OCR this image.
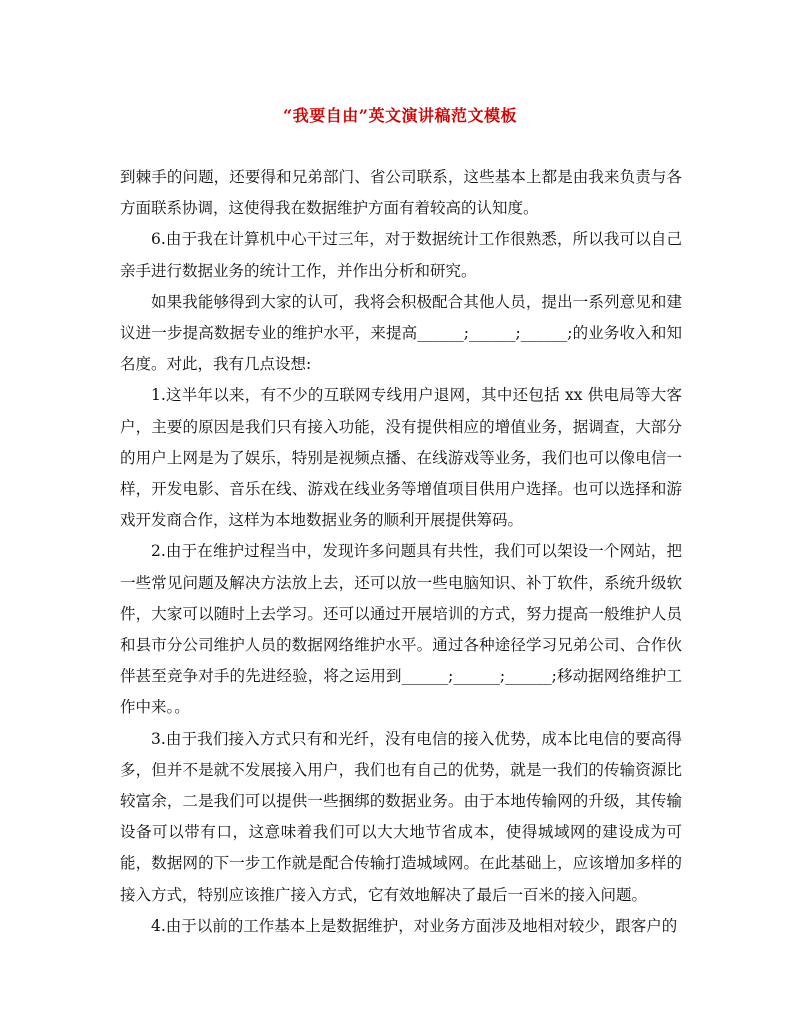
“我要自由”英文演讲稿范文模板

到棘手的问题，还要得和兄弟部门、省公司联系，这些基本上都是由我来负责与各方面联系协调，这使得我在数据维护方面有着较高的认知度。

6.由于我在计算机中心干过三年，对于数据统计工作很熟悉，所以我可以自己亲手进行数据业务的统计工作，并作出分析和研究。

如果我能够得到大家的认可，我将会积极配合其他人员，提出一系列意见和建议进一步提高数据专业的维护水平，来提高______;______;______;的业务收入和知名度。对此，我有几点设想:

1.这半年以来，有不少的互联网专线用户退网，其中还包括 xx 供电局等大客户，主要的原因是我们只有接入功能，没有提供相应的增值业务，据调查，大部分的用户上网是为了娱乐，特别是视频点播、在线游戏等业务，我们也可以像电信一样，开发电影、音乐在线、游戏在线业务等增值项目供用户选择。也可以选择和游戏开发商合作，这样为本地数据业务的顺利开展提供筹码。

2.由于在维护过程当中，发现许多问题具有共性，我们可以架设一个网站，把一些常见问题及解决方法放上去，还可以放一些电脑知识、补丁软件，系统升级软件，大家可以随时上去学习。还可以通过开展培训的方式，努力提高一般维护人员和县市分公司维护人员的数据网络维护水平。通过各种途径学习兄弟公司、合作伙伴甚至竞争对手的先进经验，将之运用到______;______;______;移动据网络维护工作中来。。

3.由于我们接入方式只有和光纤，没有电信的接入优势，成本比电信的要高得多，但并不是就不发展接入用户，我们也有自己的优势，就是一我们的传输资源比较富余，二是我们可以提供一些捆绑的数据业务。由于本地传输网的升级，其传输设备可以带有口，这意味着我们可以大大地节省成本，使得城域网的建设成为可能，数据网的下一步工作就是配合传输打造城域网。在此基础上，应该增加多样的接入方式，特别应该推广接入方式，它有效地解决了最后一百米的接入问题。

4.由于以前的工作基本上是数据维护，对业务方面涉及地相对较少，跟客户的
